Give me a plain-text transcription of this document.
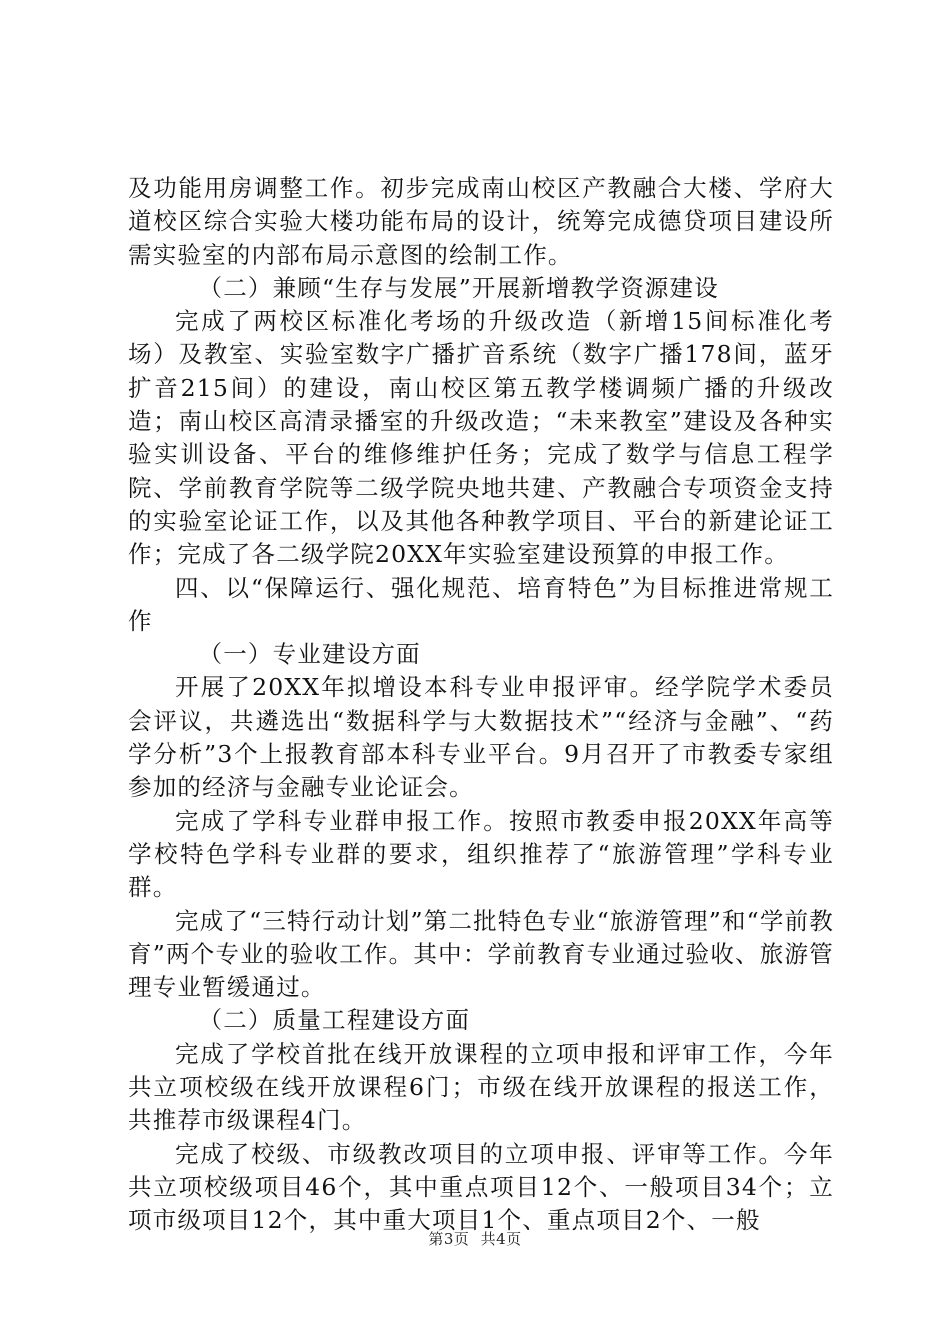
及功能用房调整工作。初步完成南山校区产教融合大楼、学府大道校区综合实验大楼功能布局的设计，统筹完成德贷项目建设所需实验室的内部布局示意图的绘制工作。

（二）兼顾“生存与发展”开展新增教学资源建设

完成了两校区标准化考场的升级改造（新增15间标准化考场）及教室、实验室数字广播扩音系统（数字广播178间，蓝牙扩音215间）的建设，南山校区第五教学楼调频广播的升级改造；南山校区高清录播室的升级改造；“未来教室”建设及各种实验实训设备、平台的维修维护任务；完成了数学与信息工程学院、学前教育学院等二级学院央地共建、产教融合专项资金支持的实验室论证工作，以及其他各种教学项目、平台的新建论证工作；完成了各二级学院20XX年实验室建设预算的申报工作。

四、以“保障运行、强化规范、培育特色”为目标推进常规工作

（一）专业建设方面

开展了20XX年拟增设本科专业申报评审。经学院学术委员会评议，共遴选出“数据科学与大数据技术”“经济与金融”、“药学分析”3个上报教育部本科专业平台。9月召开了市教委专家组参加的经济与金融专业论证会。

完成了学科专业群申报工作。按照市教委申报20XX年高等学校特色学科专业群的要求，组织推荐了“旅游管理”学科专业群。

完成了“三特行动计划”第二批特色专业“旅游管理”和“学前教育”两个专业的验收工作。其中：学前教育专业通过验收、旅游管理专业暂缓通过。

（二）质量工程建设方面

完成了学校首批在线开放课程的立项申报和评审工作，今年共立项校级在线开放课程6门；市级在线开放课程的报送工作，共推荐市级课程4门。

完成了校级、市级教改项目的立项申报、评审等工作。今年共立项校级项目46个，其中重点项目12个、一般项目34个；立项市级项目12个，其中重大项目1个、重点项目2个、一般

第3页 共4页
